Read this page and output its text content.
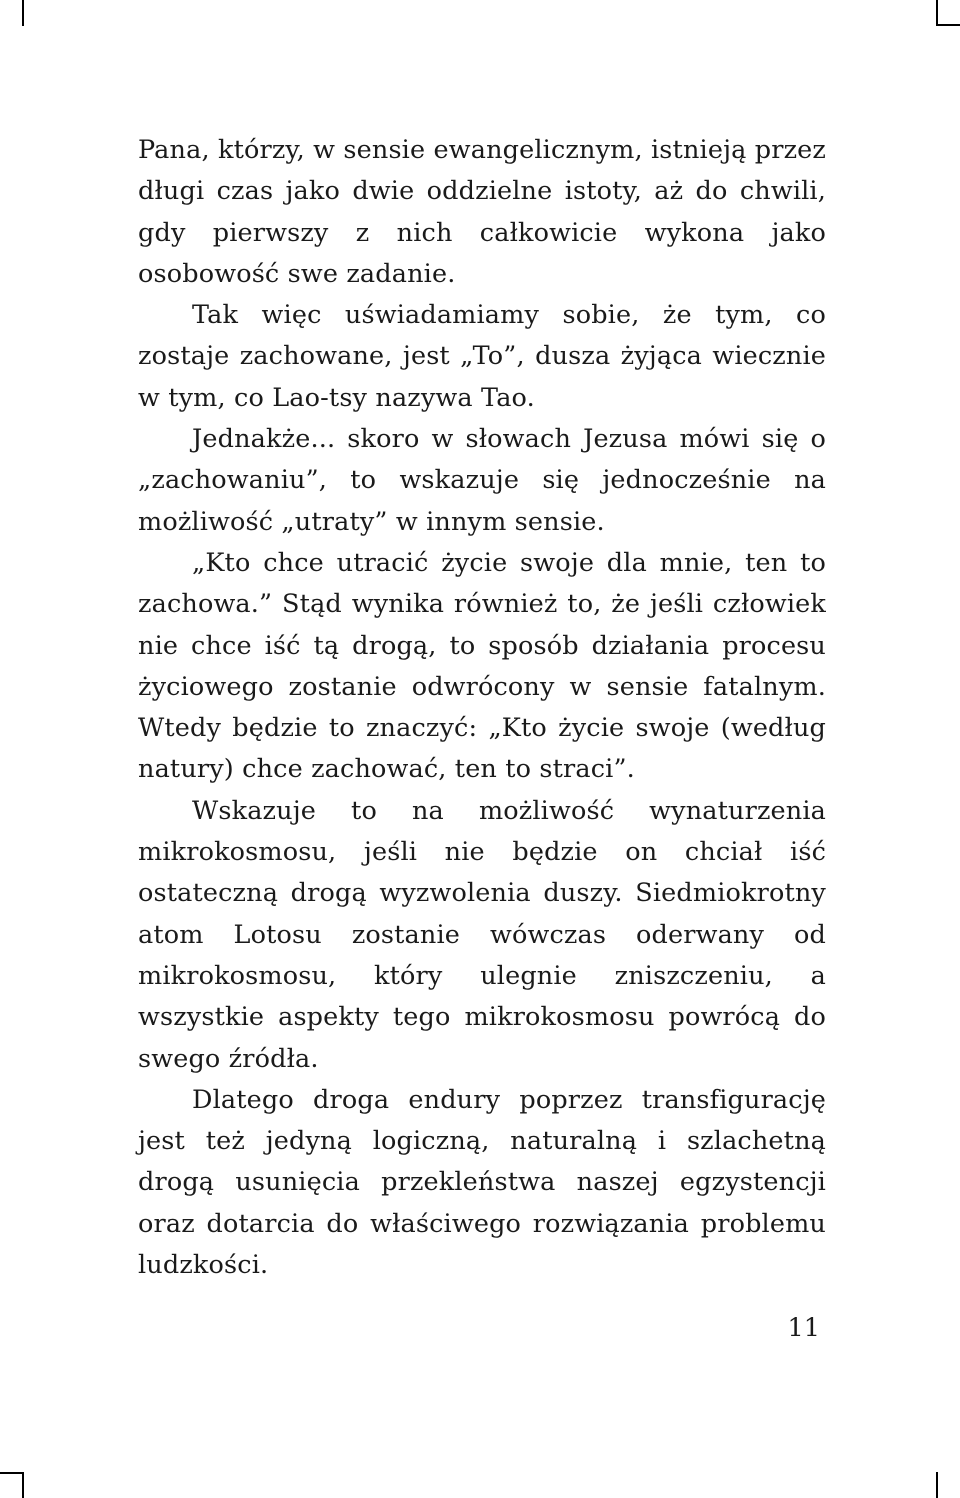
Pana, którzy, w sensie ewangelicznym, istnieją przez długi czas jako dwie oddzielne istoty, aż do chwili, gdy pierwszy z nich całkowicie wykona jako osobowość swe zadanie.

Tak więc uświadamiamy sobie, że tym, co zostaje zachowane, jest „To”, dusza żyjąca wiecznie w tym, co Lao-tsy nazywa Tao.

Jednakże... skoro w słowach Jezusa mówi się o „zachowaniu”, to wskazuje się jednocześnie na możliwość „utraty” w innym sensie.

„Kto chce utracić życie swoje dla mnie, ten to zachowa.” Stąd wynika również to, że jeśli człowiek nie chce iść tą drogą, to sposób działania procesu życiowego zostanie odwrócony w sensie fatalnym. Wtedy będzie to znaczyć: „Kto życie swoje (według natury) chce zachować, ten to straci”.

Wskazuje to na możliwość wynaturzenia mikrokosmosu, jeśli nie będzie on chciał iść ostateczną drogą wyzwolenia duszy. Siedmiokrotny atom Lotosu zostanie wówczas oderwany od mikrokosmosu, który ulegnie zniszczeniu, a wszystkie aspekty tego mikrokosmosu powrócą do swego źródła.

Dlatego droga endury poprzez transfigurację jest też jedyną logiczną, naturalną i szlachetną drogą usunięcia przekleństwa naszej egzystencji oraz dotarcia do właściwego rozwiązania problemu ludzkości.

11
